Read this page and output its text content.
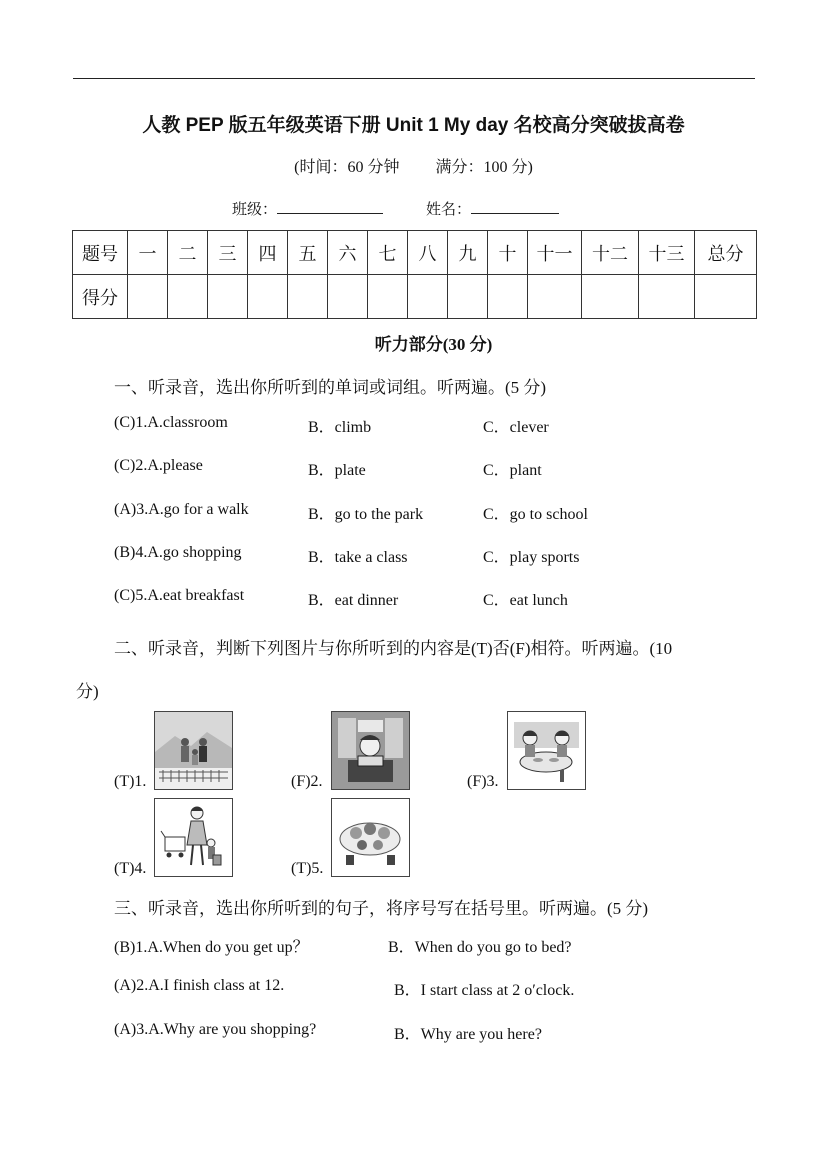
人教 PEP 版五年级英语下册 Unit 1 My day 名校高分突破拔高卷
(时间：60 分钟　　 满分：100 分)
班级：	姓名：
题号	一	二	三	四	五	六	七	八	九	十	十一	十二	十三	总分
得分														
听力部分(30 分)
一、听录音，选出你所听到的单词或词组。听两遍。(5 分)
(C)1.A.classroom	B．climb	C．clever
(C)2.A.please	B．plate	C．plant
(A)3.A.go for a walk	B．go to the park	C．go to school
(B)4.A.go shopping	B．take a class	C．play sports
(C)5.A.eat breakfast	B．eat dinner	C．eat lunch
二、听录音，判断下列图片与你所听到的内容是(T)否(F)相符。听两遍。(10
分)
(T)1.	(F)2.	(F)3.
(T)4.	(T)5.
三、听录音，选出你所听到的句子，将序号写在括号里。听两遍。(5 分)
(B)1.A.When do you get up？	B．When do you go to bed?
(A)2.A.I finish class at 12.	B．I start class at 2 o′clock.
(A)3.A.Why are you shopping?	B．Why are you here?
